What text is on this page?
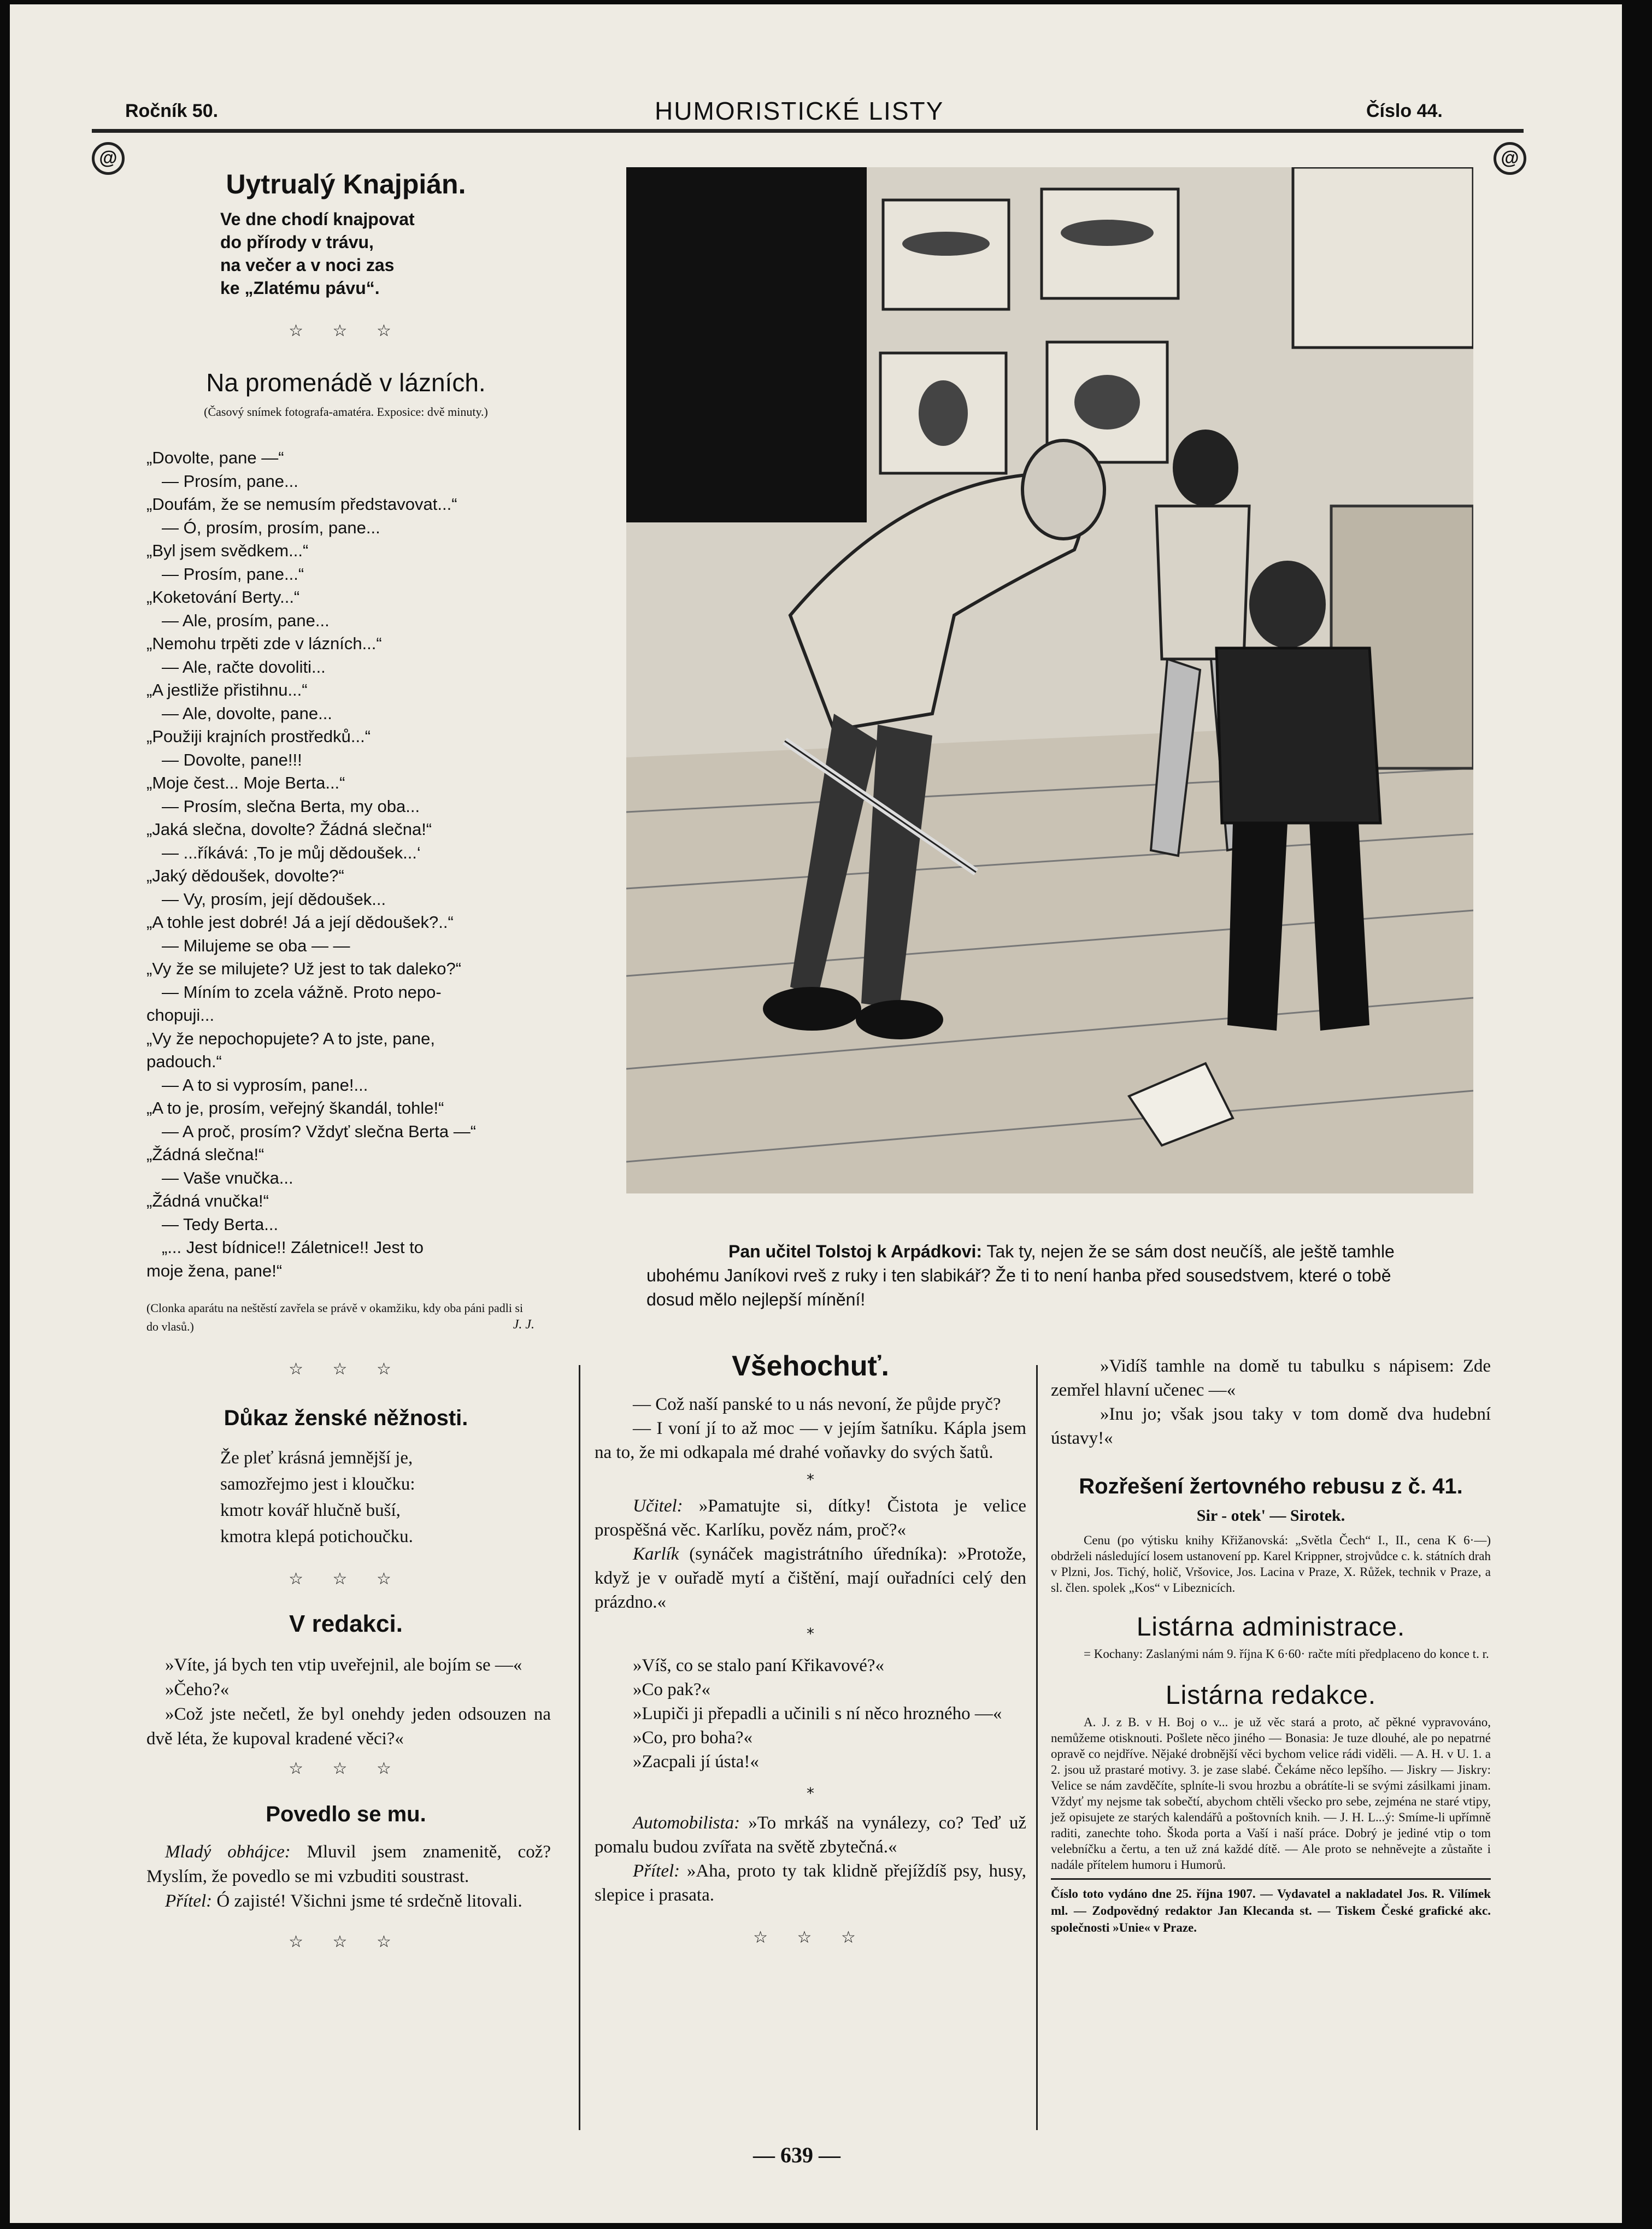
Ročník 50.	HUMORISTICKÉ LISTY	Číslo 44.
@	@
Uytrualý Knajpián.
Ve dne chodí knajpovat
do přírody v trávu,
na večer a v noci zas
ke „Zlatému pávu“.
☆ ☆ ☆
Na promenádě v lázních.
(Časový snímek fotografa-amatéra. Exposice: dvě minuty.)
„Dovolte, pane —“
— Prosím, pane...
„Doufám, že se nemusím představovat...“
— Ó, prosím, prosím, pane...
„Byl jsem svědkem...“
— Prosím, pane...“
„Koketování Berty...“
— Ale, prosím, pane...
„Nemohu trpěti zde v lázních...“
— Ale, račte dovoliti...
„A jestliže přistihnu...“
— Ale, dovolte, pane...
„Použiji krajních prostředků...“
— Dovolte, pane!!!
„Moje čest... Moje Berta...“
— Prosím, slečna Berta, my oba...
„Jaká slečna, dovolte? Žádná slečna!“
— ...říkává: ‚To je můj dědoušek...‘
„Jaký dědoušek, dovolte?“
— Vy, prosím, její dědoušek...
„A tohle jest dobré! Já a její dědoušek?..“
— Milujeme se oba — —
„Vy že se milujete? Už jest to tak daleko?“
— Míním to zcela vážně. Proto nepo-
chopuji...
„Vy že nepochopujete? A to jste, pane,
padouch.“
— A to si vyprosím, pane!...
„A to je, prosím, veřejný škandál, tohle!“
— A proč, prosím? Vždyť slečna Berta —“
„Žádná slečna!“
— Vaše vnučka...
„Žádná vnučka!“
— Tedy Berta...
„... Jest bídnice!! Záletnice!! Jest to
moje žena, pane!“
(Clonka aparátu na neštěstí zavřela se právě v okamžiku, kdy oba páni padli si do vlasů.)	J. J.
☆ ☆ ☆
Důkaz ženské něžnosti.
Že pleť krásná jemnější je,
samozřejmo jest i kloučku:
kmotr kovář hlučně buší,
kmotra klepá potichoučku.
☆ ☆ ☆
V redakci.

»Víte, já bych ten vtip uveřejnil, ale bojím se —«

»Čeho?«

»Což jste nečetl, že byl onehdy jeden odsouzen na dvě léta, že kupoval kradené věci?«

☆ ☆ ☆
Povedlo se mu.

Mladý obhájce: Mluvil jsem znamenitě, což? Myslím, že povedlo se mi vzbuditi soustrast.

Přítel: Ó zajisté! Všichni jsme té srdečně litovali.

☆ ☆ ☆
Pan učitel Tolstoj k Arpádkovi: Tak ty, nejen že se sám dost neučíš, ale ještě tamhle ubohému Janíkovi rveš z ruky i ten slabikář? Že ti to není hanba před sousedstvem, které o tobě dosud mělo nejlepší mínění!
Všehochuť.

— Což naší panské to u nás nevoní, že půjde pryč?

— I voní jí to až moc — v jejím šatníku. Kápla jsem na to, že mi odkapala mé drahé voňavky do svých šatů.

*

Učitel: »Pamatujte si, dítky! Čistota je velice prospěšná věc. Karlíku, pověz nám, proč?«

Karlík (synáček magistrátního úředníka): »Protože, když je v ouřadě mytí a čištění, mají ouřadníci celý den prázdno.«

*

»Víš, co se stalo paní Křikavové?«

»Co pak?«

»Lupiči ji přepadli a učinili s ní něco hrozného —«

»Co, pro boha?«

»Zacpali jí ústa!«

*

Automobilista: »To mrkáš na vynálezy, co? Teď už pomalu budou zvířata na světě zbytečná.«

Přítel: »Aha, proto ty tak klidně přejíždíš psy, husy, slepice i prasata.

☆ ☆ ☆

»Vidíš tamhle na domě tu tabulku s nápisem: Zde zemřel hlavní učenec —«

»Inu jo; však jsou taky v tom domě dva hudební ústavy!«

Rozřešení žertovného rebusu z č. 41.
Sir - otek' — Sirotek.

Cenu (po výtisku knihy Křižanovská: „Světla Čech“ I., II., cena K 6·—) obdrželi následující losem ustanovení pp. Karel Krippner, strojvůdce c. k. státních drah v Plzni, Jos. Tichý, holič, Vršovice, Jos. Lacina v Praze, X. Růžek, technik v Praze, a sl. člen. spolek „Kos“ v Libeznicích.

Listárna administrace.

= Kochany: Zaslanými nám 9. října K 6·60· račte míti předplaceno do konce t. r.

Listárna redakce.

A. J. z B. v H. Boj o v... je už věc stará a proto, ač pěkné vypravováno, nemůžeme otisknouti. Pošlete něco jiného — Bonasia: Je tuze dlouhé, ale po nepatrné opravě co nejdříve. Nějaké drobnější věci bychom velice rádi viděli. — A. H. v U. 1. a 2. jsou už prastaré motivy. 3. je zase slabé. Čekáme něco lepšího. — Jiskry — Jiskry: Velice se nám zavděčíte, splníte-li svou hrozbu a obrátíte-li se svými zásilkami jinam. Vždyť my nejsme tak sobečtí, abychom chtěli všecko pro sebe, zejména ne staré vtipy, jež opisujete ze starých kalendářů a poštovních knih. — J. H. L...ý: Smíme-li upřímně raditi, zanechte toho. Škoda porta a Vaší i naší práce. Dobrý je jediné vtip o tom velebníčku a čertu, a ten už zná každé dítě. — Ale proto se nehněvejte a zůstaňte i nadále přítelem humoru i Humorů.

Číslo toto vydáno dne 25. října 1907. — Vydavatel a nakladatel Jos. R. Vilímek ml. — Zodpovědný redaktor Jan Klecanda st. — Tiskem České grafické akc. společnosti »Unie« v Praze.

— 639 —
